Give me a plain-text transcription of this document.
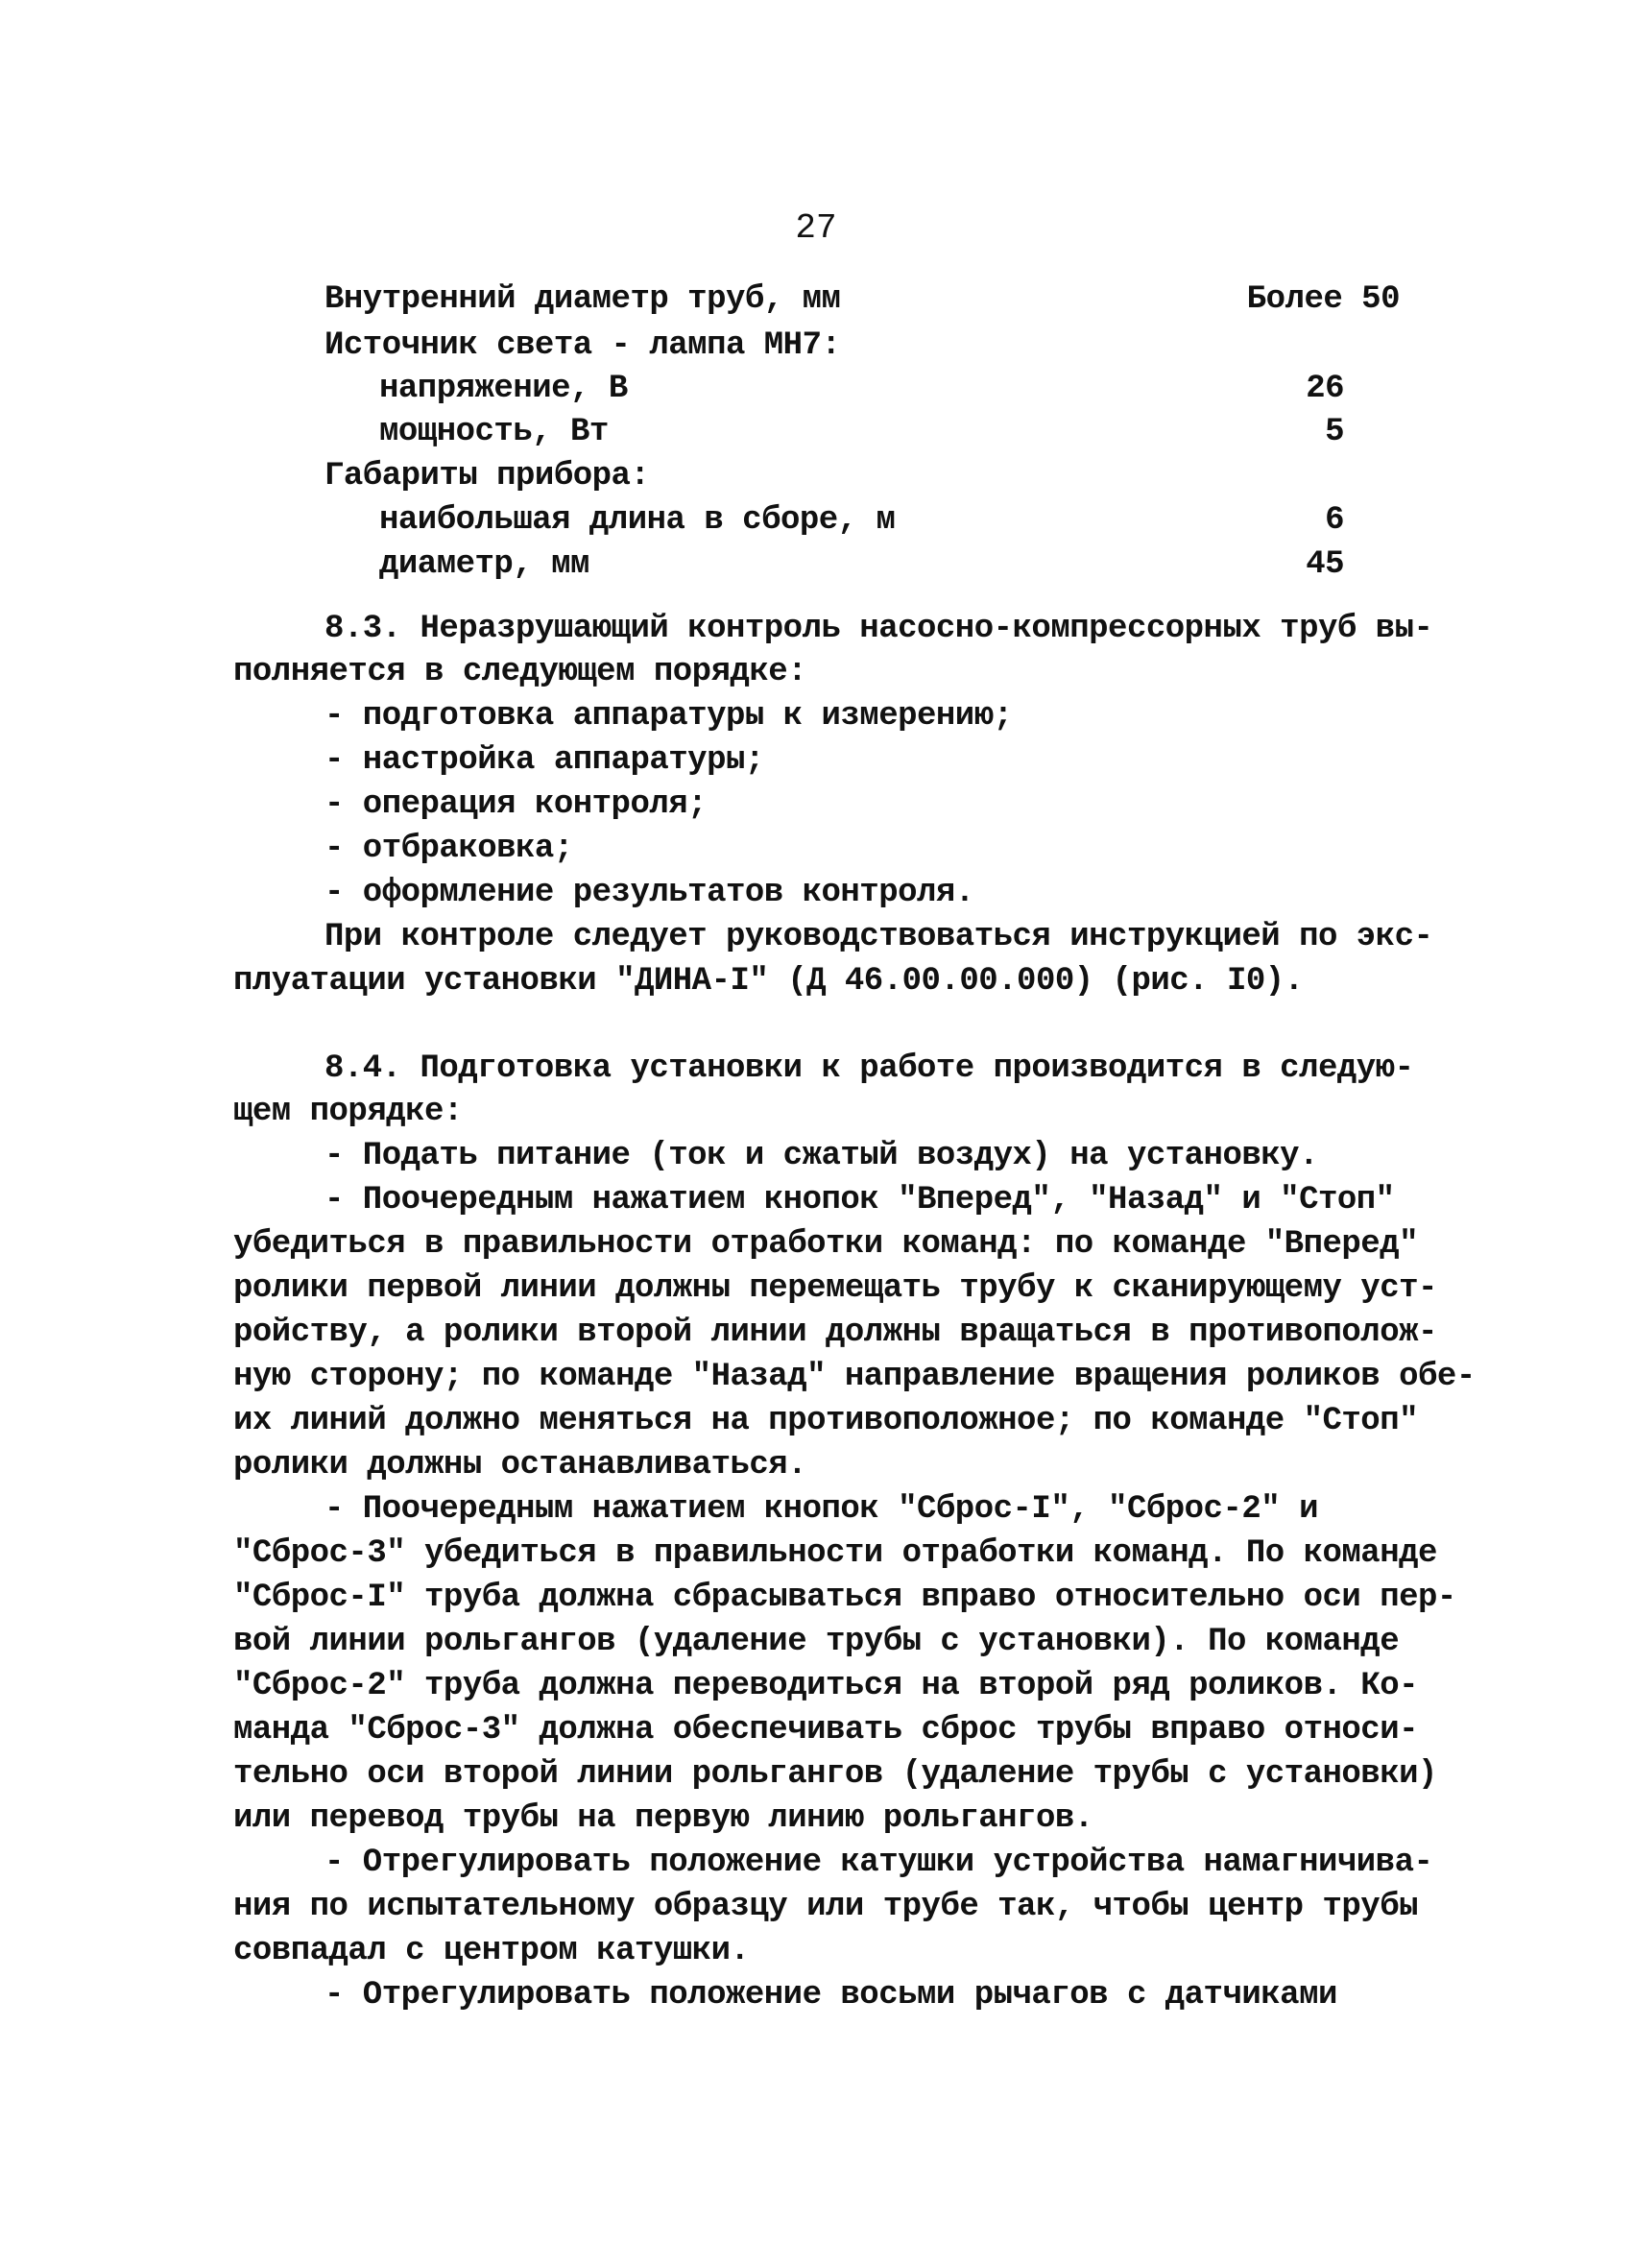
27
Внутренний диаметр труб, мм	Более 50
Источник света - лампа МН7:
напряжение, В	26
мощность, Вт	5
Габариты прибора:
наибольшая длина в сборе, м	6
диаметр, мм	45
8.3. Неразрушающий контроль насосно-компрессорных труб вы-
полняется в следующем порядке:
- подготовка аппаратуры к измерению;
- настройка аппаратуры;
- операция контроля;
- отбраковка;
- оформление результатов контроля.
При контроле следует руководствоваться инструкцией по экс-
плуатации установки "ДИНА-I" (Д 46.00.00.000) (рис. I0).
8.4. Подготовка установки к работе производится в следую-
щем порядке:
- Подать питание (ток и сжатый воздух) на установку.
- Поочередным нажатием кнопок "Вперед", "Назад" и "Стоп"
убедиться в правильности отработки команд: по команде "Вперед"
ролики первой линии должны перемещать трубу к сканирующему уст-
ройству, а ролики второй линии должны вращаться в противополож-
ную сторону; по команде "Назад" направление вращения роликов обе-
их линий должно меняться на противоположное; по команде "Стоп"
ролики должны останавливаться.
- Поочередным нажатием кнопок "Сброс-I", "Сброс-2" и
"Сброс-3" убедиться в правильности отработки команд. По команде
"Сброс-I" труба должна сбрасываться вправо относительно оси пер-
вой линии рольгангов (удаление трубы с установки). По команде
"Сброс-2" труба должна переводиться на второй ряд роликов. Ко-
манда "Сброс-3" должна обеспечивать сброс трубы вправо относи-
тельно оси второй линии рольгангов (удаление трубы с установки)
или перевод трубы на первую линию рольгангов.
- Отрегулировать положение катушки устройства намагничива-
ния по испытательному образцу или трубе так, чтобы центр трубы
совпадал с центром катушки.
- Отрегулировать положение восьми рычагов с датчиками
